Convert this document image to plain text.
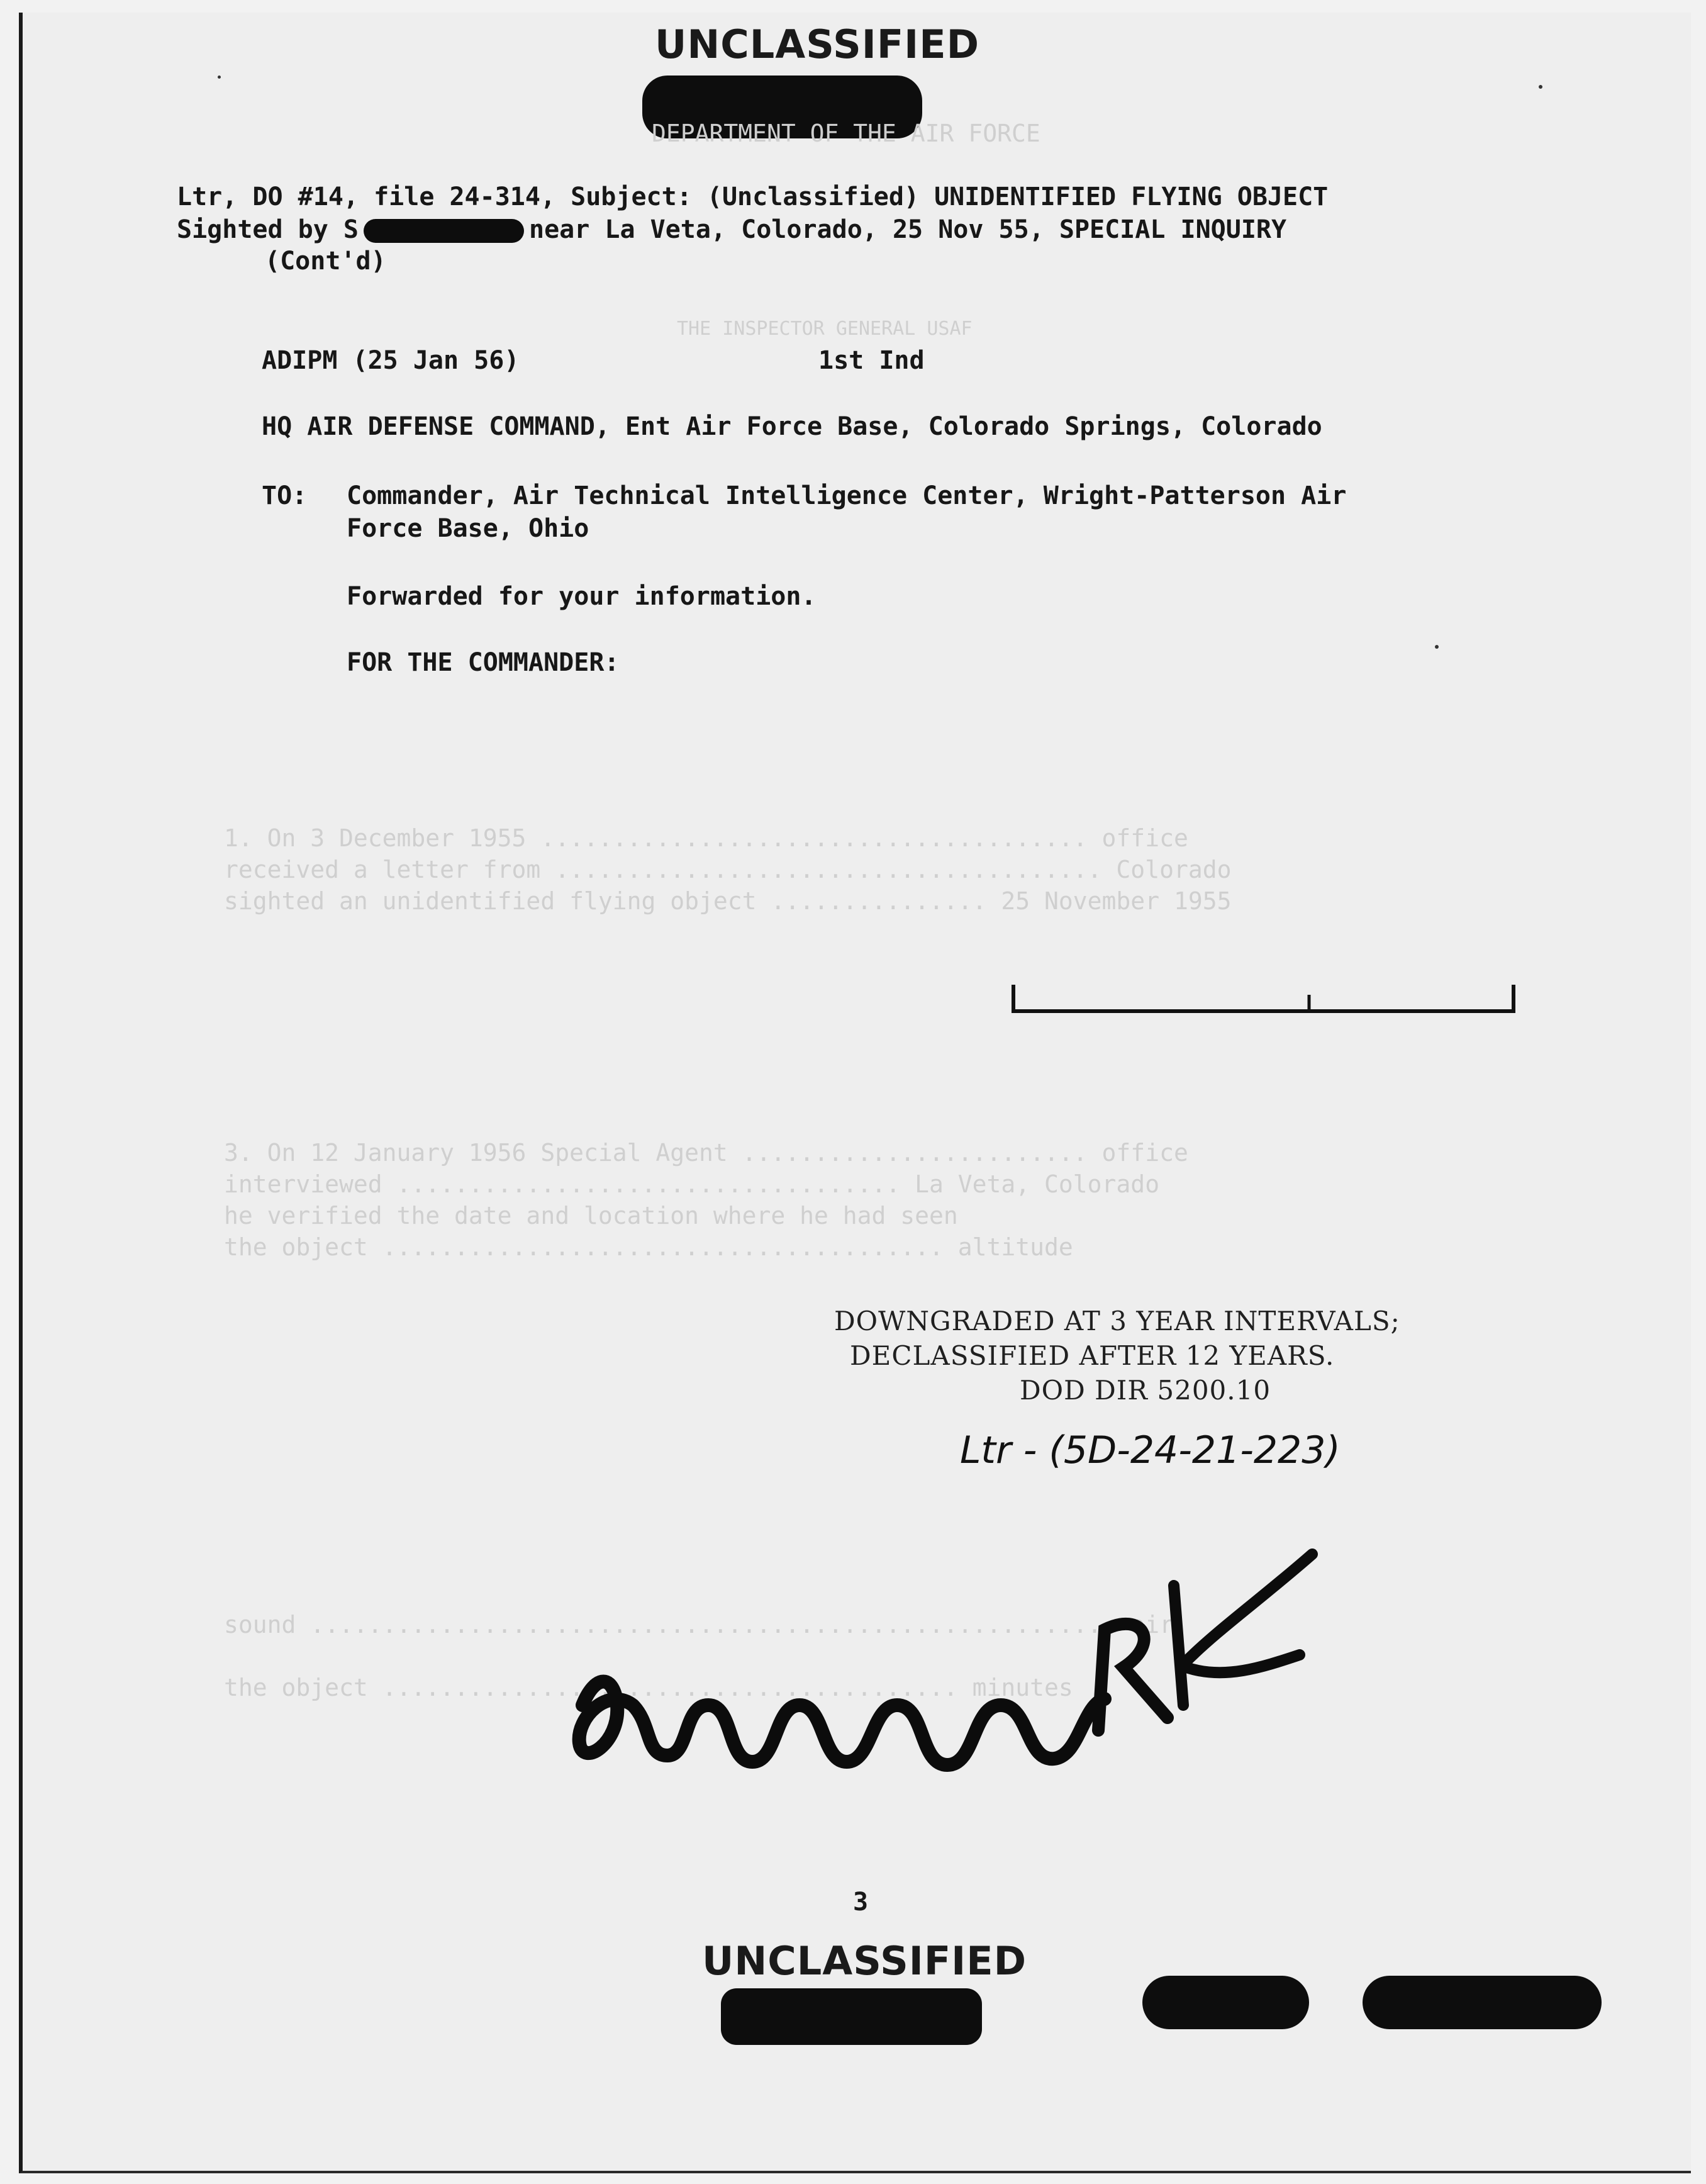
UNCLASSIFIED
DEPARTMENT OF THE AIR FORCE
THE INSPECTOR GENERAL USAF
1. On 3 December 1955 ...................................... office
received a letter from ...................................... Colorado
sighted an unidentified flying object ............... 25 November 1955
3. On 12 January 1956 Special Agent ........................ office
interviewed ................................... La Veta, Colorado
he verified the date and location where he had seen
the object ....................................... altitude
sound ........................................................ air
the object ........................................ minutes
Ltr, DO #14, file 24-314, Subject: (Unclassified) UNIDENTIFIED FLYING OBJECT
Sighted by S	near La Veta, Colorado, 25 Nov 55, SPECIAL INQUIRY
(Cont'd)
ADIPM (25 Jan 56)	1st Ind
HQ AIR DEFENSE COMMAND, Ent Air Force Base, Colorado Springs, Colorado
TO: Commander, Air Technical Intelligence Center, Wright-Patterson Air
Force Base, Ohio
Forwarded for your information.
FOR THE COMMANDER:
DOWNGRADED AT 3 YEAR INTERVALS;
DECLASSIFIED AFTER 12 YEARS.
DOD DIR 5200.10
Ltr - (5D-24-21-223)
3
UNCLASSIFIED
